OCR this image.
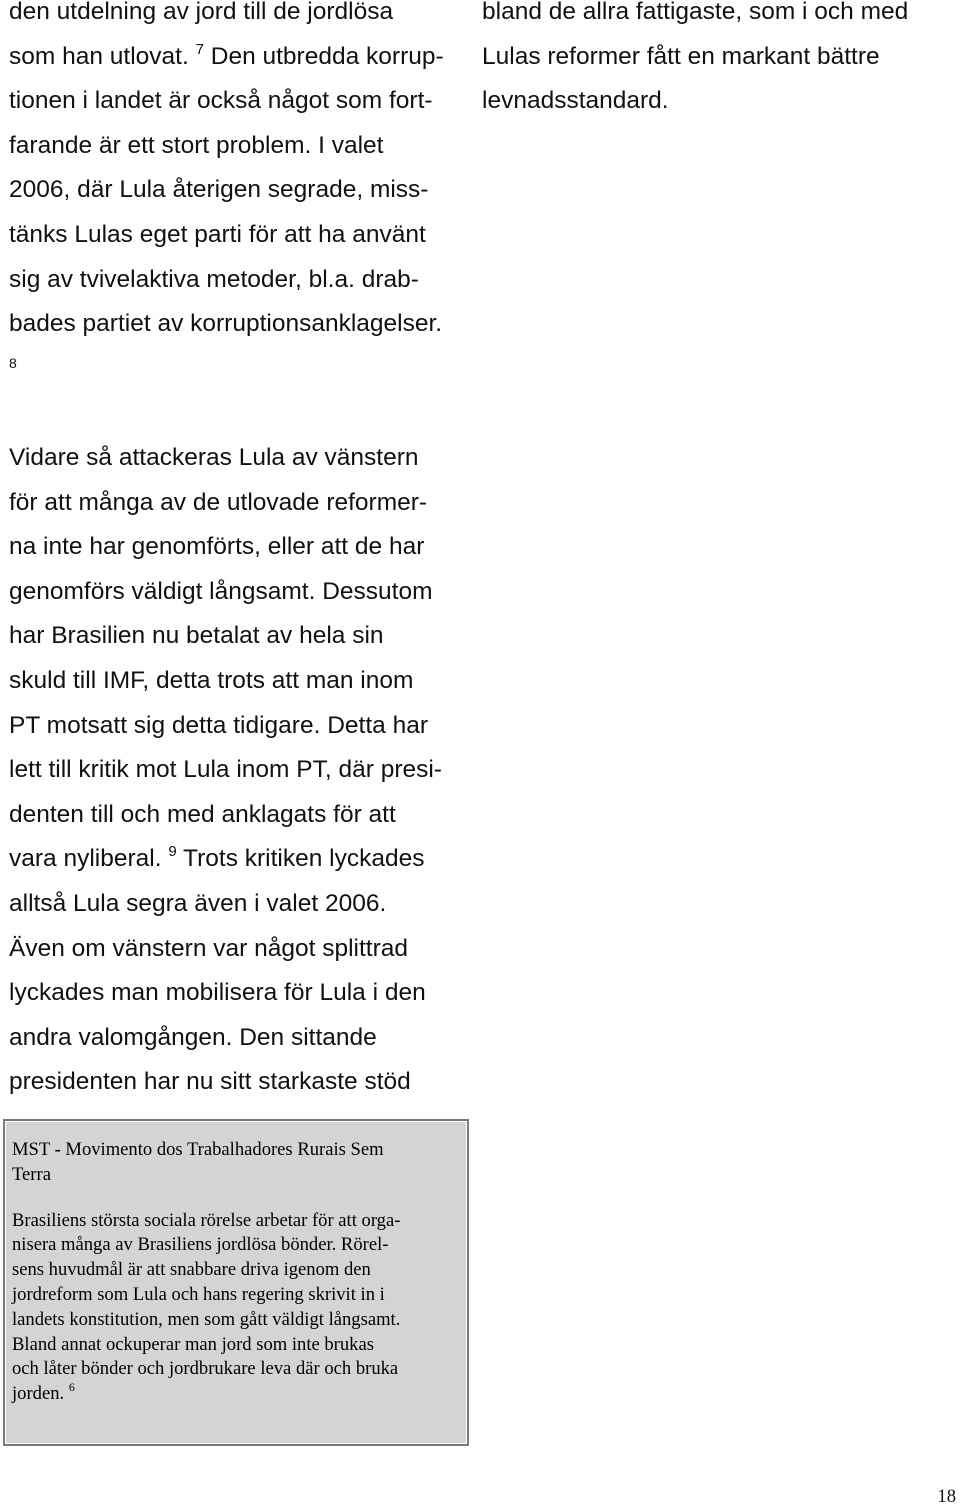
den utdelning av jord till de jordlösa
som han utlovat. $^7$ Den utbredda korrup-
tionen i landet är också något som fort-
farande är ett stort problem. I valet
2006, där Lula återigen segrade, miss-
tänks Lulas eget parti för att ha använt
sig av tvivelaktiva metoder, bl.a. drab-
bades partiet av korruptionsanklagelser.
8
Vidare så attackeras Lula av vänstern
för att många av de utlovade reformer-
na inte har genomförts, eller att de har
genomförs väldigt långsamt. Dessutom
har Brasilien nu betalat av hela sin
skuld till IMF, detta trots att man inom
PT motsatt sig detta tidigare. Detta har
lett till kritik mot Lula inom PT, där presi-
denten till och med anklagats för att
vara nyliberal. $^9$ Trots kritiken lyckades
alltså Lula segra även i valet 2006.
Även om vänstern var något splittrad
lyckades man mobilisera för Lula i den
andra valomgången. Den sittande
presidenten har nu sitt starkaste stöd
bland de allra fattigaste, som i och med
Lulas reformer fått en markant bättre
levnadsstandard.
MST - Movimento dos Trabalhadores Rurais Sem
Terra
Brasiliens största sociala rörelse arbetar för att orga-
nisera många av Brasiliens jordlösa bönder. Rörel-
sens huvudmål är att snabbare driva igenom den
jordreform som Lula och hans regering skrivit in i
landets konstitution, men som gått väldigt långsamt.
Bland annat ockuperar man jord som inte brukas
och låter bönder och jordbrukare leva där och bruka
jorden. $^6$
18
